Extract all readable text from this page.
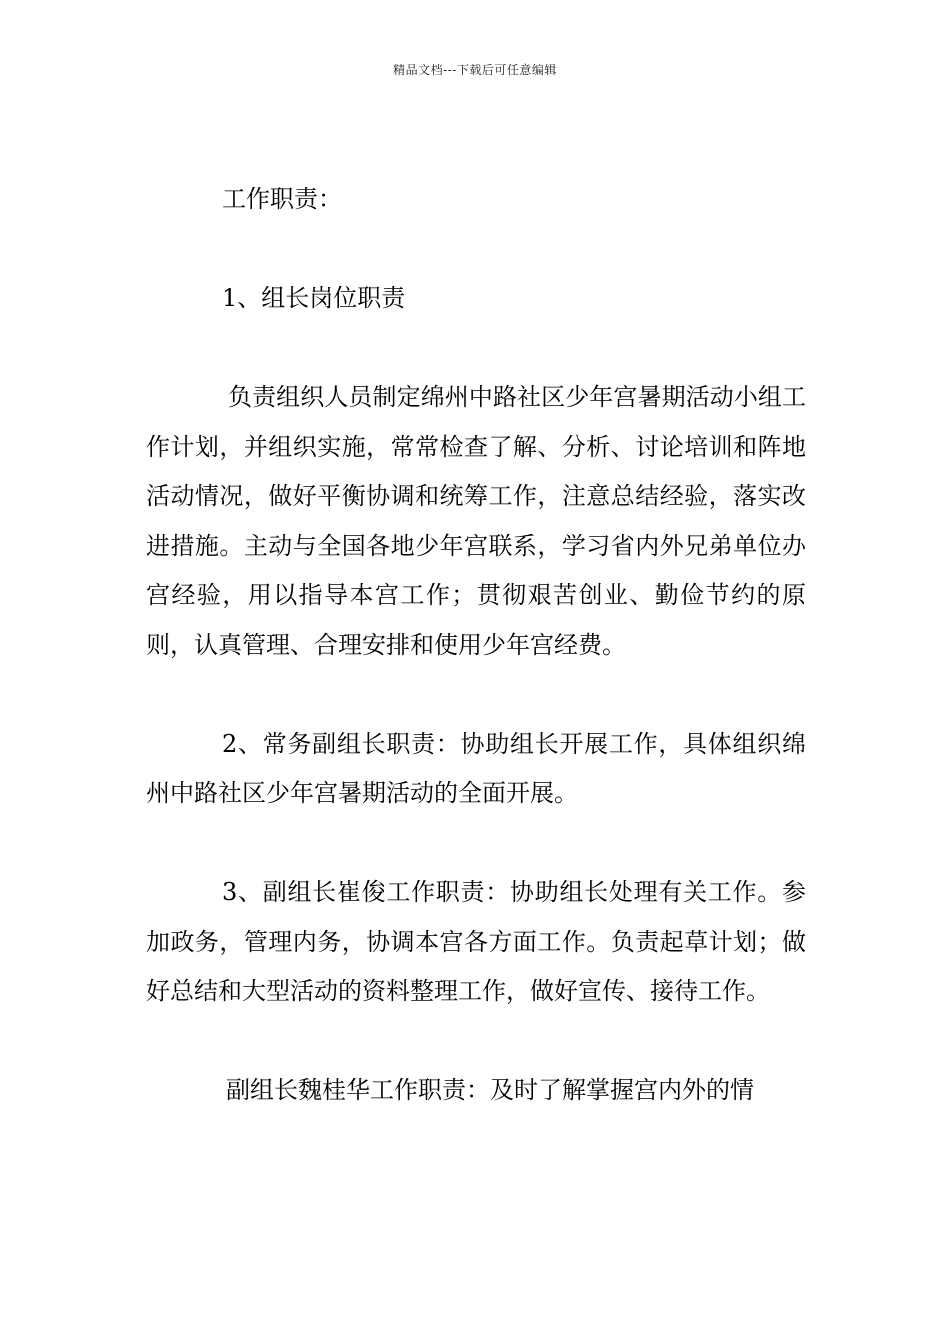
精品文档---下载后可任意编辑

工作职责：

1、组长岗位职责

负责组织人员制定绵州中路社区少年宫暑期活动小组工作计划，并组织实施，常常检查了解、分析、讨论培训和阵地活动情况，做好平衡协调和统筹工作，注意总结经验，落实改进措施。主动与全国各地少年宫联系，学习省内外兄弟单位办宫经验，用以指导本宫工作；贯彻艰苦创业、勤俭节约的原则，认真管理、合理安排和使用少年宫经费。

2、常务副组长职责：协助组长开展工作，具体组织绵州中路社区少年宫暑期活动的全面开展。

3、副组长崔俊工作职责：协助组长处理有关工作。参加政务，管理内务，协调本宫各方面工作。负责起草计划；做好总结和大型活动的资料整理工作，做好宣传、接待工作。

副组长魏桂华工作职责：及时了解掌握宫内外的情
